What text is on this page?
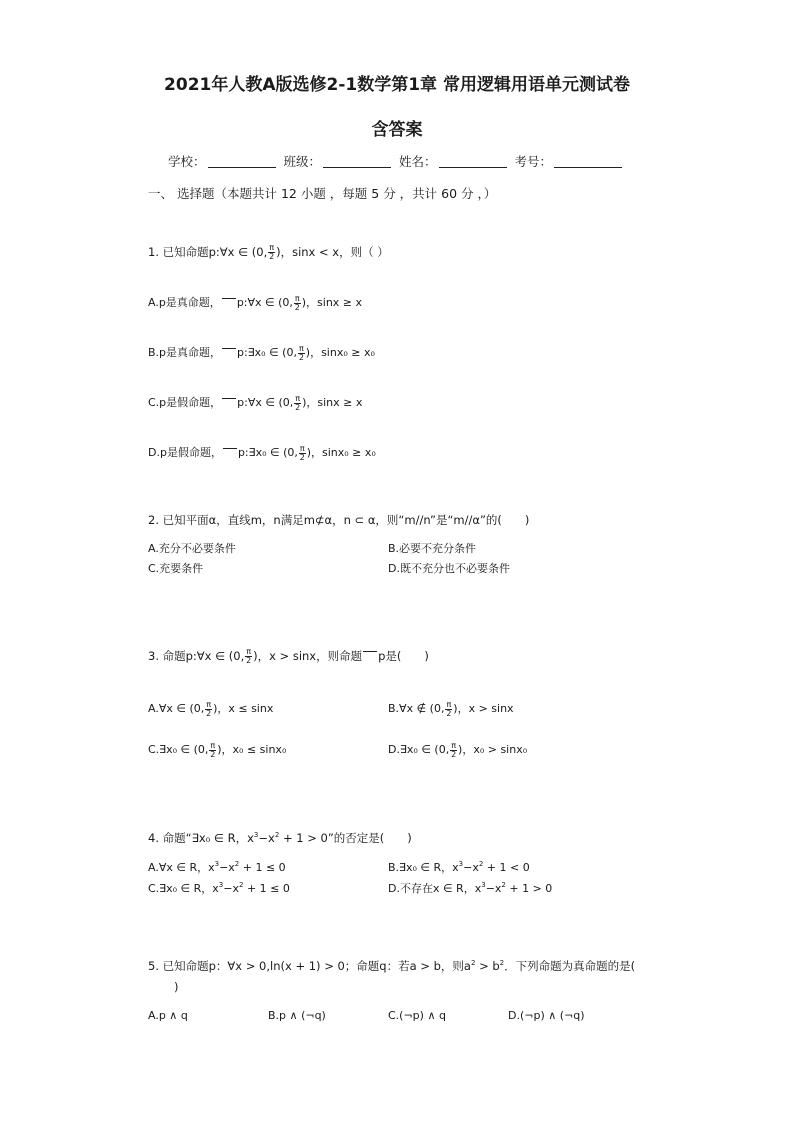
2021年人教A版选修2-1数学第1章 常用逻辑用语单元测试卷
含答案
学校：	班级：	姓名：	考号：
一、 选择题（本题共计 12 小题 ，每题 5 分 ，共计 60 分 ，）
1. 已知命题p:∀x ∈ (0, $\frac{\pi}{2}$ )，sinx < x，则（ ）
A.p是真命题， p:∀x ∈ (0, $\frac{\pi}{2}$ )，sinx ≥ x
B.p是真命题， p:∃x₀ ∈ (0, $\frac{\pi}{2}$ )，sinx₀ ≥ x₀
C.p是假命题， p:∀x ∈ (0, $\frac{\pi}{2}$ )，sinx ≥ x
D.p是假命题， p:∃x₀ ∈ (0, $\frac{\pi}{2}$ )，sinx₀ ≥ x₀
2. 已知平面α，直线m，n满足m⊄α，n ⊂ α，则“m//n”是“m//α”的(　　)
A.充分不必要条件	B.必要不充分条件
C.充要条件	D.既不充分也不必要条件
3. 命题p:∀x ∈ (0, $\frac{\pi}{2}$ )，x > sinx，则命题 p是(　　)
A.∀x ∈ (0, $\frac{\pi}{2}$ )，x ≤ sinx	B.∀x ∉ (0, $\frac{\pi}{2}$ )，x > sinx
C.∃x₀ ∈ (0, $\frac{\pi}{2}$ )，x₀ ≤ sinx₀	D.∃x₀ ∈ (0, $\frac{\pi}{2}$ )，x₀ > sinx₀
4. 命题“∃x₀ ∈ R，$x^3-x^2 + 1 > 0$”的否定是(　　)
A.∀x ∈ R，$x^3-x^2 + 1 \le 0$	B.∃x₀ ∈ R，$x^3-x^2 + 1 < 0$
C.∃x₀ ∈ R，$x^3-x^2 + 1 \le 0$	D.不存在x ∈ R，$x^3-x^2 + 1 > 0$
5. 已知命题p：∀x > 0,ln(x + 1) > 0；命题q：若a > b，则$a^2 > b^2$．下列命题为真命题的是(
)
A.p ∧ q	B.p ∧ (¬q)	C.(¬p) ∧ q	D.(¬p) ∧ (¬q)
